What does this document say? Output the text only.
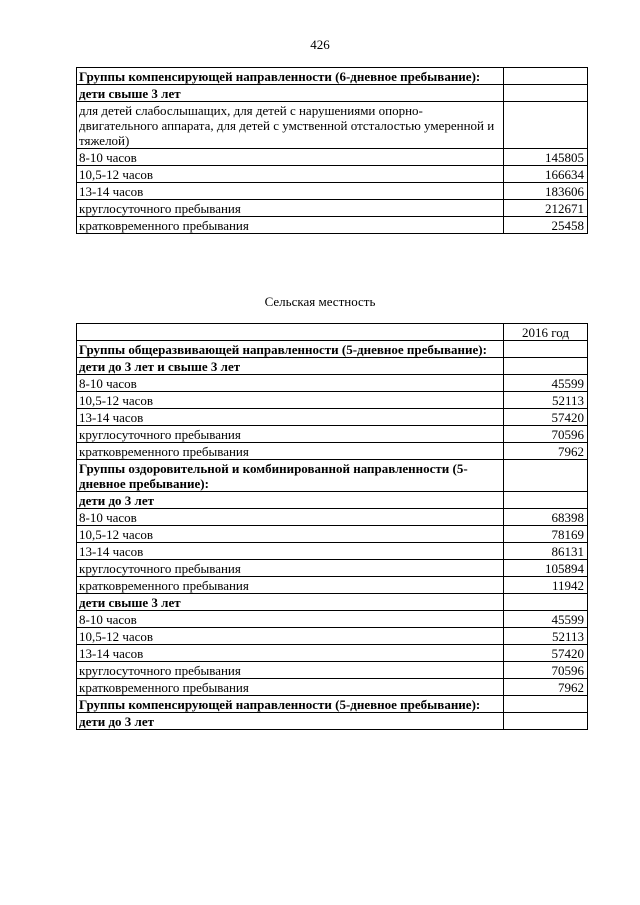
426
Группы компенсирующей направленности (6-дневное пребывание):	
дети свыше 3 лет	
для детей слабослышащих, для детей с нарушениями опорно-двигательного аппарата, для детей с умственной отсталостью умеренной и тяжелой)	
8-10 часов	145805
10,5-12 часов	166634
13-14 часов	183606
круглосуточного пребывания	212671
кратковременного пребывания	25458
Сельская местность
	2016 год
Группы общеразвивающей направленности (5-дневное пребывание):	
дети до 3 лет и свыше 3 лет	
8-10 часов	45599
10,5-12 часов	52113
13-14 часов	57420
круглосуточного пребывания	70596
кратковременного пребывания	7962
Группы оздоровительной и комбинированной направленности (5-дневное пребывание):	
дети до 3 лет	
8-10 часов	68398
10,5-12 часов	78169
13-14 часов	86131
круглосуточного пребывания	105894
кратковременного пребывания	11942
дети свыше 3 лет	
8-10 часов	45599
10,5-12 часов	52113
13-14 часов	57420
круглосуточного пребывания	70596
кратковременного пребывания	7962
Группы компенсирующей направленности (5-дневное пребывание):	
дети до 3 лет	
